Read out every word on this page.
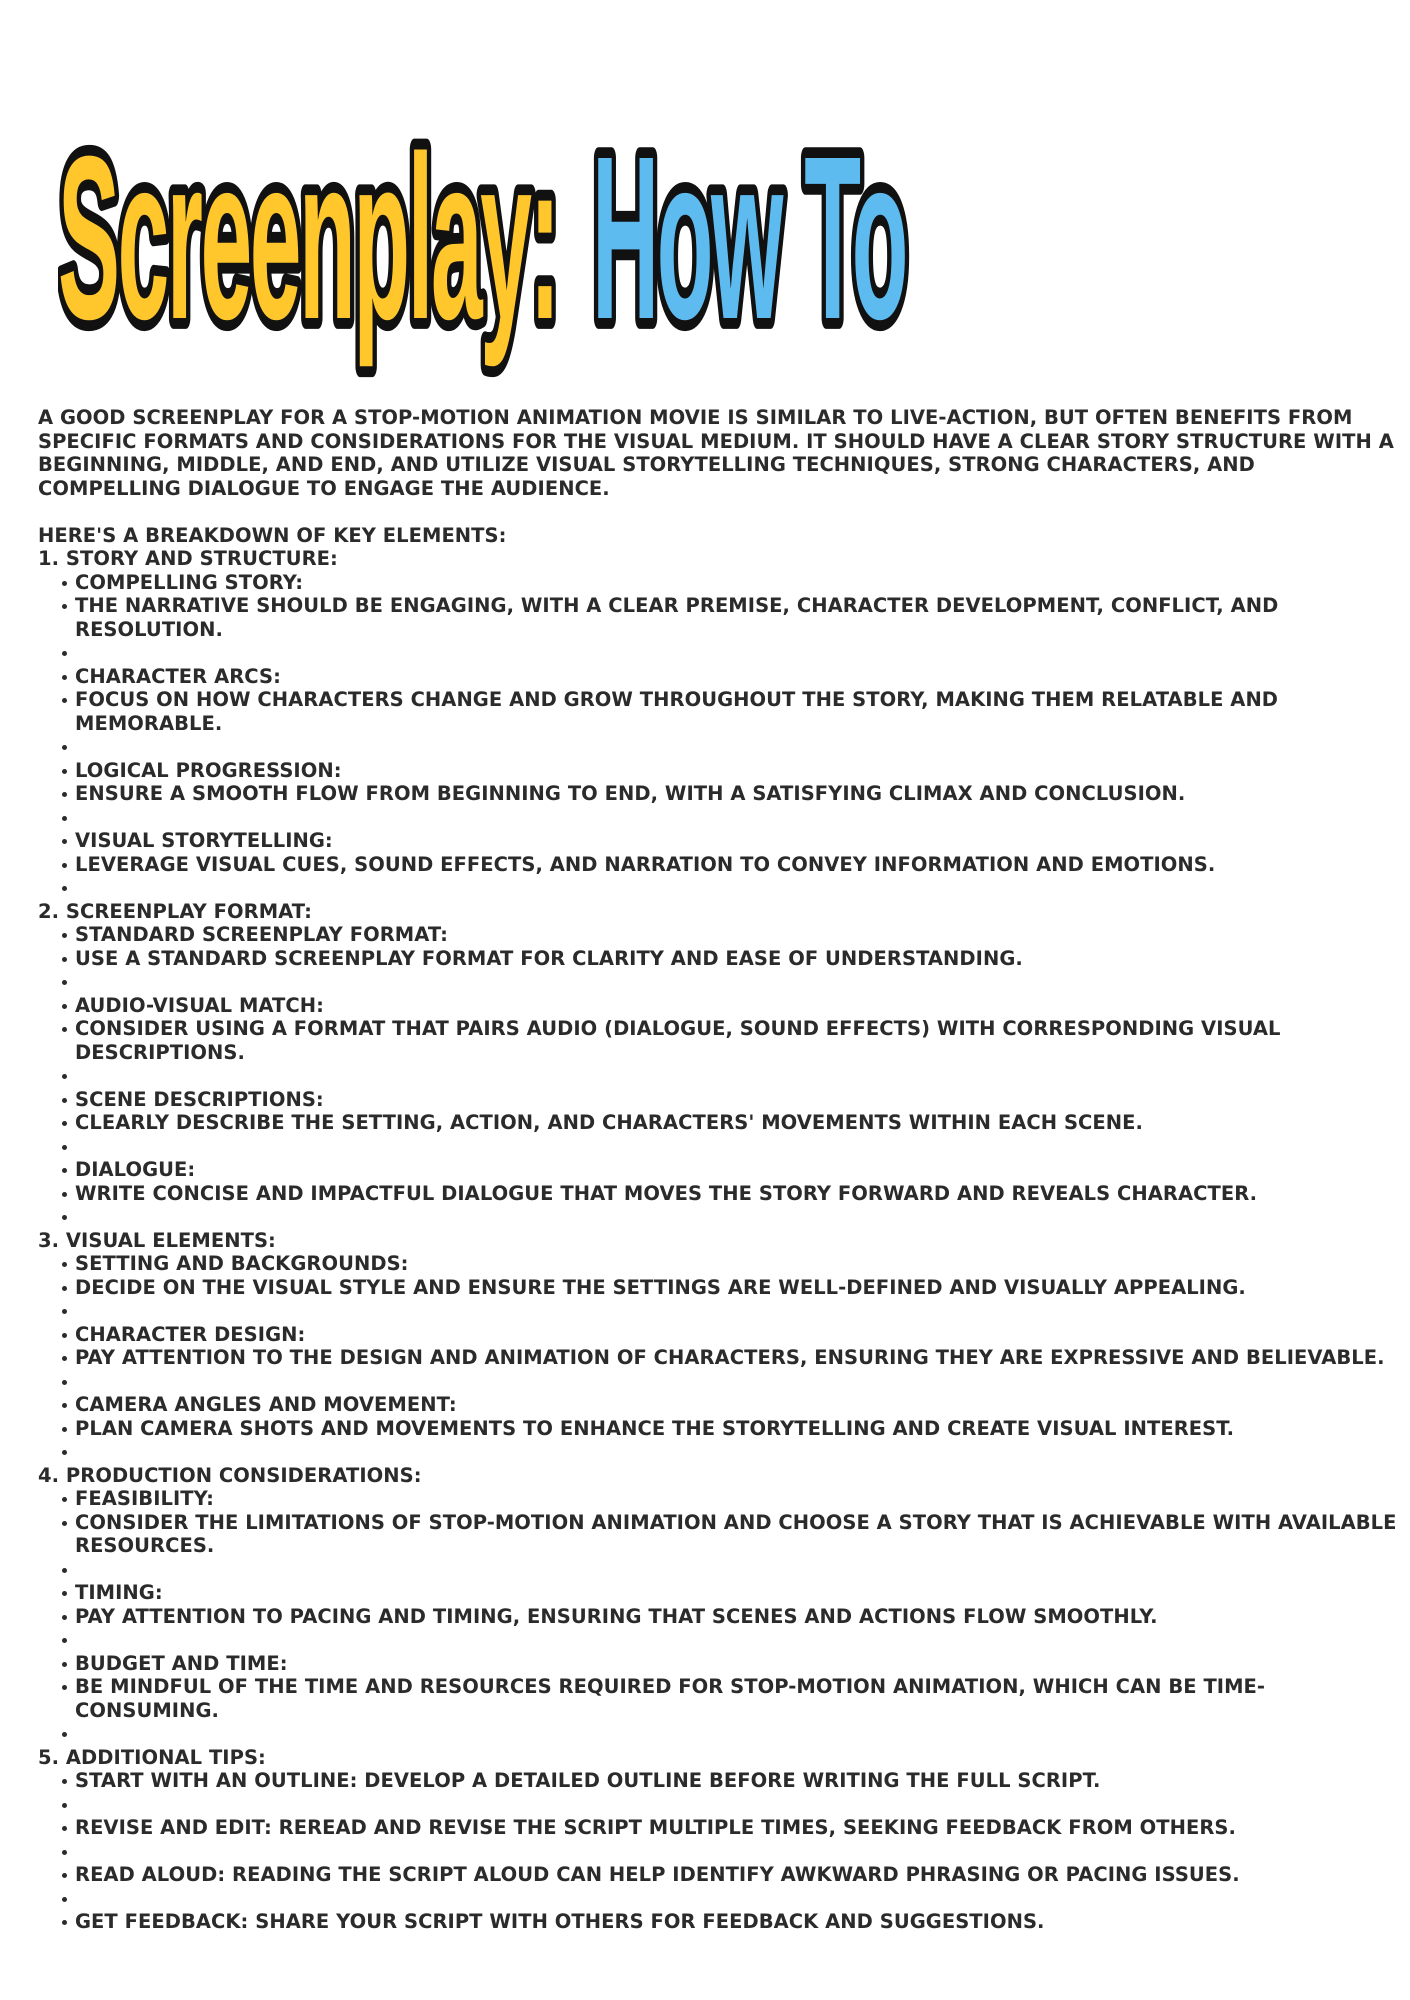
Screenplay: How To

A GOOD SCREENPLAY FOR A STOP-MOTION ANIMATION MOVIE IS SIMILAR TO LIVE-ACTION, BUT OFTEN BENEFITS FROM SPECIFIC FORMATS AND CONSIDERATIONS FOR THE VISUAL MEDIUM. IT SHOULD HAVE A CLEAR STORY STRUCTURE WITH A BEGINNING, MIDDLE, AND END, AND UTILIZE VISUAL STORYTELLING TECHNIQUES, STRONG CHARACTERS, AND COMPELLING DIALOGUE TO ENGAGE THE AUDIENCE.

HERE'S A BREAKDOWN OF KEY ELEMENTS:

1. STORY AND STRUCTURE:

COMPELLING STORY:
THE NARRATIVE SHOULD BE ENGAGING, WITH A CLEAR PREMISE, CHARACTER DEVELOPMENT, CONFLICT, AND RESOLUTION.
CHARACTER ARCS:
FOCUS ON HOW CHARACTERS CHANGE AND GROW THROUGHOUT THE STORY, MAKING THEM RELATABLE AND MEMORABLE.
LOGICAL PROGRESSION:
ENSURE A SMOOTH FLOW FROM BEGINNING TO END, WITH A SATISFYING CLIMAX AND CONCLUSION.
VISUAL STORYTELLING:
LEVERAGE VISUAL CUES, SOUND EFFECTS, AND NARRATION TO CONVEY INFORMATION AND EMOTIONS.

2. SCREENPLAY FORMAT:

STANDARD SCREENPLAY FORMAT:
USE A STANDARD SCREENPLAY FORMAT FOR CLARITY AND EASE OF UNDERSTANDING.
AUDIO-VISUAL MATCH:
CONSIDER USING A FORMAT THAT PAIRS AUDIO (DIALOGUE, SOUND EFFECTS) WITH CORRESPONDING VISUAL DESCRIPTIONS.
SCENE DESCRIPTIONS:
CLEARLY DESCRIBE THE SETTING, ACTION, AND CHARACTERS' MOVEMENTS WITHIN EACH SCENE.
DIALOGUE:
WRITE CONCISE AND IMPACTFUL DIALOGUE THAT MOVES THE STORY FORWARD AND REVEALS CHARACTER.

3. VISUAL ELEMENTS:

SETTING AND BACKGROUNDS:
DECIDE ON THE VISUAL STYLE AND ENSURE THE SETTINGS ARE WELL-DEFINED AND VISUALLY APPEALING.
CHARACTER DESIGN:
PAY ATTENTION TO THE DESIGN AND ANIMATION OF CHARACTERS, ENSURING THEY ARE EXPRESSIVE AND BELIEVABLE.
CAMERA ANGLES AND MOVEMENT:
PLAN CAMERA SHOTS AND MOVEMENTS TO ENHANCE THE STORYTELLING AND CREATE VISUAL INTEREST.

4. PRODUCTION CONSIDERATIONS:

FEASIBILITY:
CONSIDER THE LIMITATIONS OF STOP-MOTION ANIMATION AND CHOOSE A STORY THAT IS ACHIEVABLE WITH AVAILABLE RESOURCES.
TIMING:
PAY ATTENTION TO PACING AND TIMING, ENSURING THAT SCENES AND ACTIONS FLOW SMOOTHLY.
BUDGET AND TIME:
BE MINDFUL OF THE TIME AND RESOURCES REQUIRED FOR STOP-MOTION ANIMATION, WHICH CAN BE TIME-CONSUMING.

5. ADDITIONAL TIPS:

START WITH AN OUTLINE: DEVELOP A DETAILED OUTLINE BEFORE WRITING THE FULL SCRIPT.
REVISE AND EDIT: REREAD AND REVISE THE SCRIPT MULTIPLE TIMES, SEEKING FEEDBACK FROM OTHERS.
READ ALOUD: READING THE SCRIPT ALOUD CAN HELP IDENTIFY AWKWARD PHRASING OR PACING ISSUES.
GET FEEDBACK: SHARE YOUR SCRIPT WITH OTHERS FOR FEEDBACK AND SUGGESTIONS.
